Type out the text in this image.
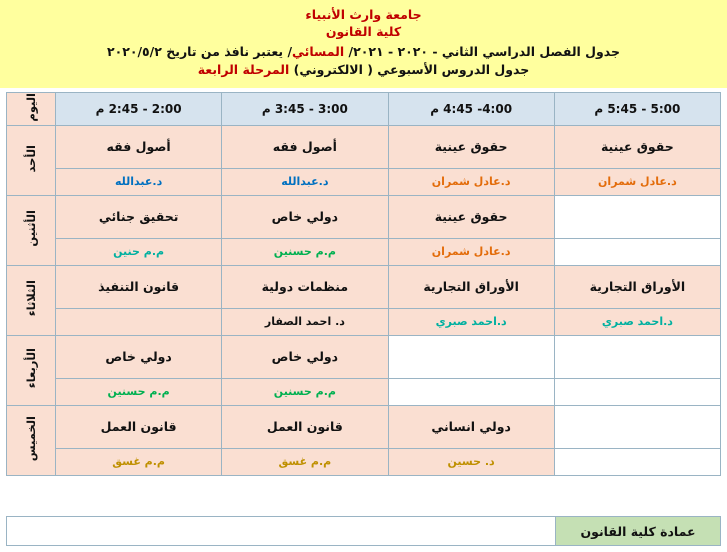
جامعة وارث الأنبياء
كلية القانون
جدول الفصل الدراسي الثاني - ٢٠٢٠ - ٢٠٢١/ المسائي/ يعتبر نافذ من تاريخ ٢٠٢٠/٥/٢
جدول الدروس الأسبوعي ( الالكتروني) المرحلة الرابعة
5:00 - 5:45 م	4:00- 4:45 م	3:00 - 3:45 م	2:00 - 2:45 م	اليوم
حقوق عينية	حقوق عينية	أصول فقه	أصول فقه	الأحد
د.عادل شمران	د.عادل شمران	د.عبدالله	د.عبدالله	
	حقوق عينية	دولي خاص	تحقيق جنائي	الأثنين
	د.عادل شمران	م.م حسنين	م.م حنين	
الأوراق التجارية	الأوراق التجارية	منظمات دولية	قانون التنفيذ	الثلاثاء
د.احمد صبري	د.احمد صبري	د. احمد الصفار		
		دولي خاص	دولي خاص	الأربعاء
		م.م حسنين	م.م حسنين	
	دولي انساني	قانون العمل	قانون العمل	الخميس
	د. حسين	م.م غسق	م.م غسق	
عمادة كلية القانون
